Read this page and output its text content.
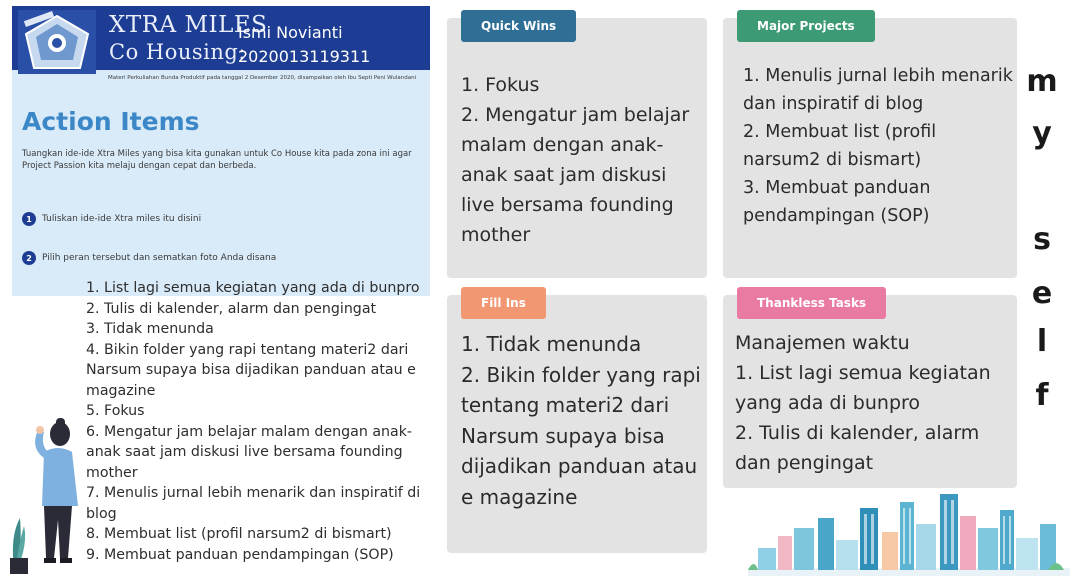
XTRA MILES
Co Housing:
Ismi Novianti
2020013119311
Materi Perkuliahan Bunda Produktif pada tanggal 2 Desember 2020, disampaikan oleh Ibu Septi Peni Wulandani
Action Items
Tuangkan ide-ide Xtra Miles yang bisa kita gunakan untuk Co House kita pada zona ini agar Project Passion kita melaju dengan cepat dan berbeda.
1	Tuliskan ide-ide Xtra miles itu disini
2	Pilih peran tersebut dan sematkan foto Anda disana
1. List lagi semua kegiatan yang ada di bunpro
2. Tulis di kalender, alarm dan pengingat
3. Tidak menunda
4. Bikin folder yang rapi tentang materi2 dari Narsum supaya bisa dijadikan panduan atau e magazine
5. Fokus
6. Mengatur jam belajar malam dengan anak-anak saat jam diskusi live bersama founding mother
7. Menulis jurnal lebih menarik dan inspiratif di blog
8. Membuat list (profil narsum2 di bismart)
9. Membuat panduan pendampingan (SOP)
Quick Wins
1. Fokus
2. Mengatur jam belajar malam dengan anak-anak saat jam diskusi live bersama founding mother
Major Projects
1. Menulis jurnal lebih menarik dan inspiratif di blog
2. Membuat list (profil narsum2 di bismart)
3. Membuat panduan pendampingan (SOP)
Fill Ins
1. Tidak menunda
2. Bikin folder yang rapi tentang materi2 dari Narsum supaya bisa dijadikan panduan atau e magazine
Thankless Tasks
Manajemen waktu
1. List lagi semua kegiatan yang ada di bunpro
2. Tulis di kalender, alarm dan pengingat
m
y
s
e
l
f
